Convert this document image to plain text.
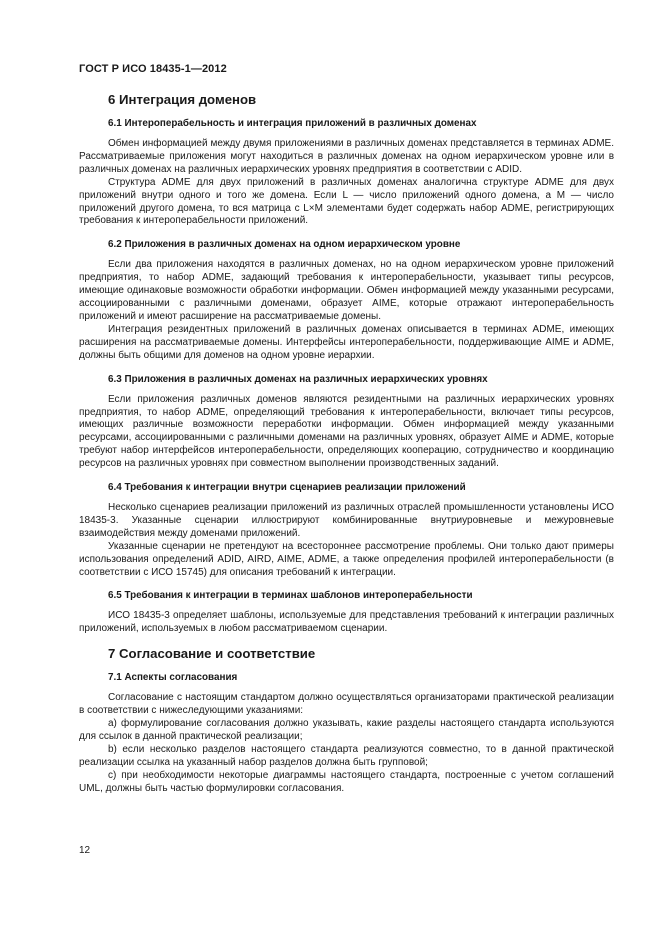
ГОСТ Р ИСО 18435-1—2012
6 Интеграция доменов
6.1 Интероперабельность и интеграция приложений в различных доменах

Обмен информацией между двумя приложениями в различных доменах представляется в терминах ADME. Рассматриваемые приложения могут находиться в различных доменах на одном иерархическом уровне или в различных доменах на различных иерархических уровнях предприятия в соответствии с ADID.

Структура ADME для двух приложений в различных доменах аналогична структуре ADME для двух приложений внутри одного и того же домена. Если L — число приложений одного домена, а M — число приложений другого домена, то вся матрица с L×M элементами будет содержать набор ADME, регистрирующих требования к интероперабельности приложений.

6.2 Приложения в различных доменах на одном иерархическом уровне

Если два приложения находятся в различных доменах, но на одном иерархическом уровне приложений предприятия, то набор ADME, задающий требования к интероперабельности, указывает типы ресурсов, имеющие одинаковые возможности обработки информации. Обмен информацией между указанными ресурсами, ассоциированными с различными доменами, образует AIME, которые отражают интероперабельность приложений и имеют расширение на рассматриваемые домены.

Интеграция резидентных приложений в различных доменах описывается в терминах ADME, имеющих расширения на рассматриваемые домены. Интерфейсы интероперабельности, поддерживающие AIME и ADME, должны быть общими для доменов на одном уровне иерархии.

6.3 Приложения в различных доменах на различных иерархических уровнях

Если приложения различных доменов являются резидентными на различных иерархических уровнях предприятия, то набор ADME, определяющий требования к интероперабельности, включает типы ресурсов, имеющих различные возможности переработки информации. Обмен информацией между указанными ресурсами, ассоциированными с различными доменами на различных уровнях, образует AIME и ADME, которые требуют набор интерфейсов интероперабельности, определяющих кооперацию, сотрудничество и координацию ресурсов на различных уровнях при совместном выполнении производственных заданий.

6.4 Требования к интеграции внутри сценариев реализации приложений

Несколько сценариев реализации приложений из различных отраслей промышленности установлены ИСО 18435-3. Указанные сценарии иллюстрируют комбинированные внутриуровневые и межуровневые взаимодействия между доменами приложений.

Указанные сценарии не претендуют на всестороннее рассмотрение проблемы. Они только дают примеры использования определений ADID, AIRD, AIME, ADME, а также определения профилей интероперабельности (в соответствии с ИСО 15745) для описания требований к интеграции.

6.5 Требования к интеграции в терминах шаблонов интероперабельности

ИСО 18435-3 определяет шаблоны, используемые для представления требований к интеграции различных приложений, используемых в любом рассматриваемом сценарии.

7 Согласование и соответствие
7.1 Аспекты согласования

Согласование с настоящим стандартом должно осуществляться организаторами практической реализации в соответствии с нижеследующими указаниями:

a) формулирование согласования должно указывать, какие разделы настоящего стандарта используются для ссылок в данной практической реализации;

b) если несколько разделов настоящего стандарта реализуются совместно, то в данной практической реализации ссылка на указанный набор разделов должна быть групповой;

c) при необходимости некоторые диаграммы настоящего стандарта, построенные с учетом соглашений UML, должны быть частью формулировки согласования.

12
